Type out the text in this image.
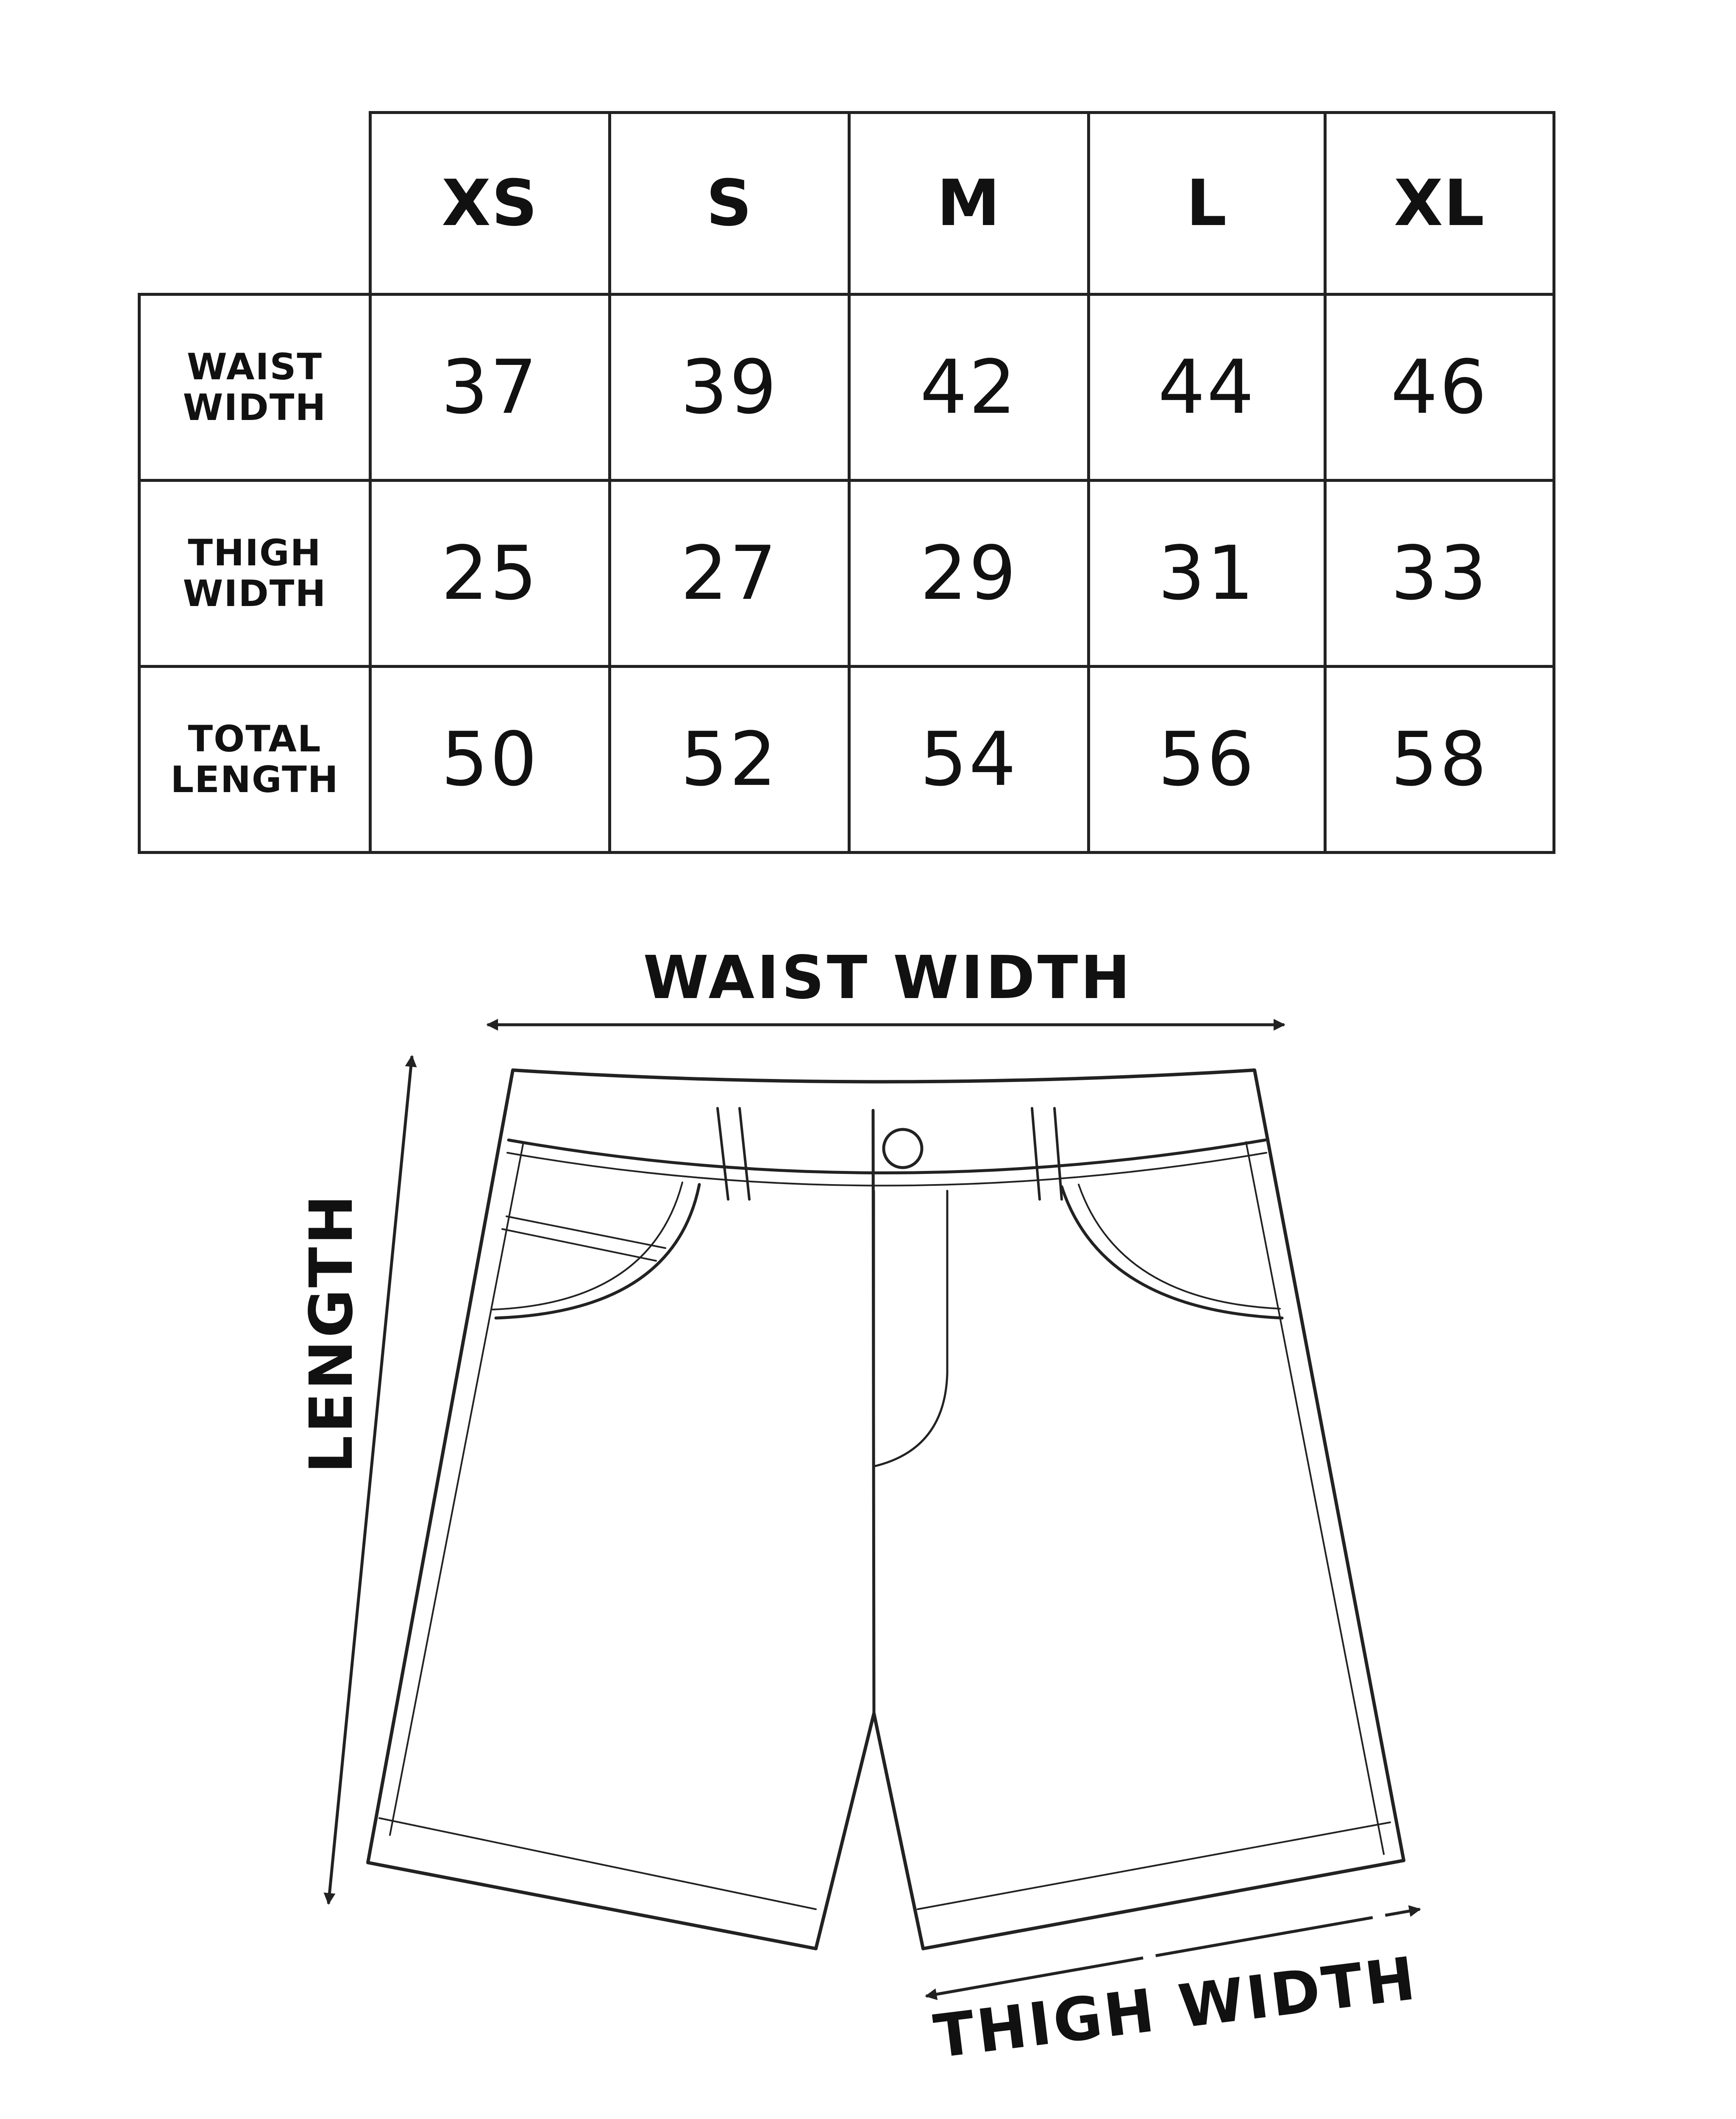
XS	S	M	L	XL
WAIST
WIDTH	37	39	42	44	46
THIGH
WIDTH	25	27	29	31	33
TOTAL
LENGTH	50	52	54	56	58
WAIST WIDTH
LENGTH
THIGH WIDTH
